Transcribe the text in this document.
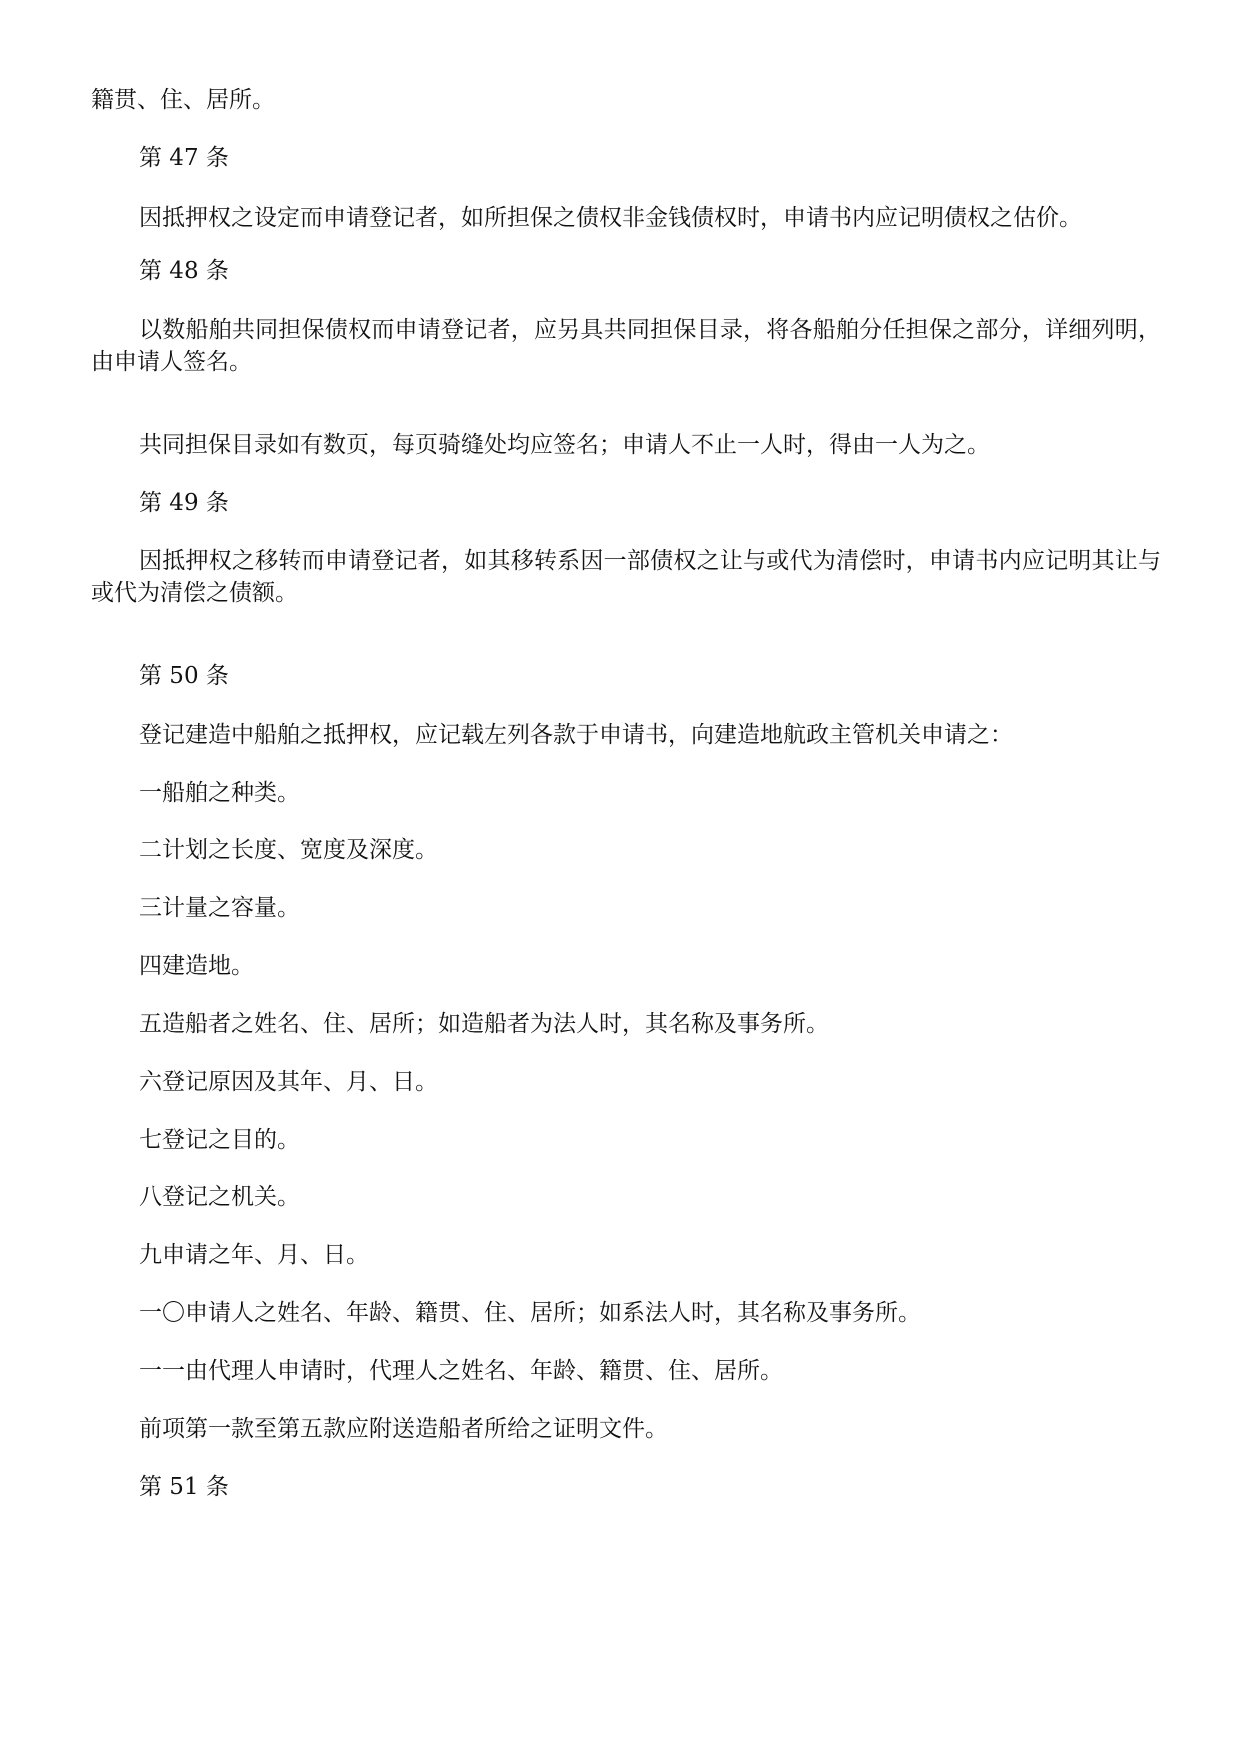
籍贯、住、居所。
第 47 条
因抵押权之设定而申请登记者，如所担保之债权非金钱债权时，申请书内应记明债权之估价。
第 48 条
以数船舶共同担保债权而申请登记者，应另具共同担保目录，将各船舶分任担保之部分，详细列明，由申请人签名。
共同担保目录如有数页，每页骑缝处均应签名；申请人不止一人时，得由一人为之。
第 49 条
因抵押权之移转而申请登记者，如其移转系因一部债权之让与或代为清偿时，申请书内应记明其让与或代为清偿之债额。
第 50 条
登记建造中船舶之抵押权，应记载左列各款于申请书，向建造地航政主管机关申请之：
一船舶之种类。
二计划之长度、宽度及深度。
三计量之容量。
四建造地。
五造船者之姓名、住、居所；如造船者为法人时，其名称及事务所。
六登记原因及其年、月、日。
七登记之目的。
八登记之机关。
九申请之年、月、日。
一〇申请人之姓名、年龄、籍贯、住、居所；如系法人时，其名称及事务所。
一一由代理人申请时，代理人之姓名、年龄、籍贯、住、居所。
前项第一款至第五款应附送造船者所给之证明文件。
第 51 条
